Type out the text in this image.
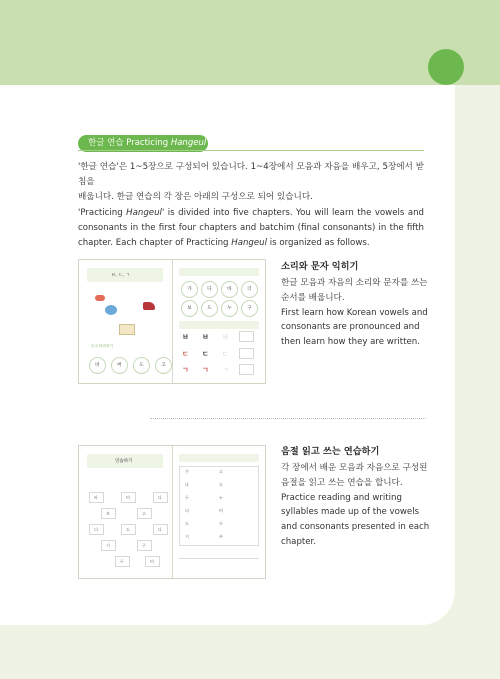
한글 연습 Practicing Hangeul

'한글 연습'은 1~5장으로 구성되어 있습니다. 1~4장에서 모음과 자음을 배우고, 5장에서 받침을

배웁니다. 한글 연습의 각 장은 아래의 구성으로 되어 있습니다.

'Practicing Hangeul' is divided into five chapters. You will learn the vowels and consonants in the first four chapters and batchim (final consonants) in the fifth chapter. Each chapter of Practicing Hangeul is organized as follows.

ㅂ, ㄷ, ㄱ
듣고 따라하기
바	버	도	고
가	다	바	더
보	도	누	구
ㅂ ㅂ ㅂ
ㄷ ㄷ ㄷ
ㄱ ㄱ ㄱ
소리와 문자 익히기

한글 모음과 자음의 소리와 문자를 쓰는 순서를 배웁니다.

First learn how Korean vowels and consonants are pronounced and then learn how they are written.

연습하기
바	버	다
보	고
더	도	다
거	구
두	버
가	고
다	도
두	누
더	버
도	두
거	부
음절 읽고 쓰는 연습하기

각 장에서 배운 모음과 자음으로 구성된 음절을 읽고 쓰는 연습을 합니다.

Practice reading and writing syllables made up of the vowels and consonants presented in each chapter.
